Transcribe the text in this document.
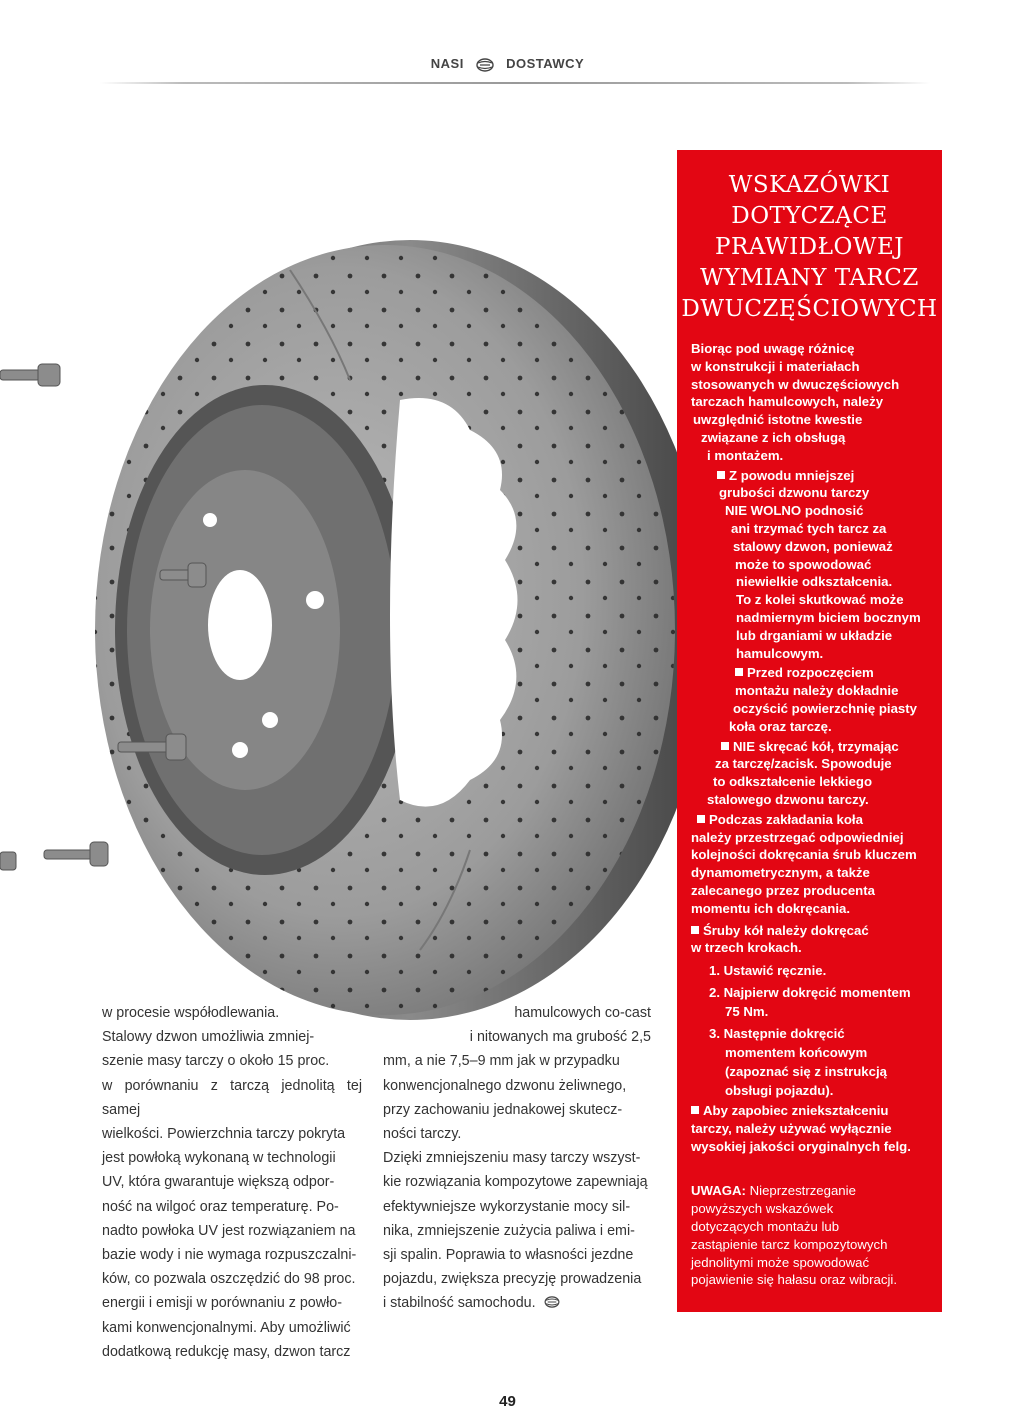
NASI	DOSTAWCY

w procesie współodlewania.

Stalowy dzwon umożliwia zmniej-

szenie masy tarczy o około 15 proc.

w porównaniu z tarczą jednolitą tej samej

wielkości. Powierzchnia tarczy pokryta

jest powłoką wykonaną w technologii

UV, która gwarantuje większą odpor-

ność na wilgoć oraz temperaturę. Po-

nadto powłoka UV jest rozwiązaniem na

bazie wody i nie wymaga rozpuszczalni-

ków, co pozwala oszczędzić do 98 proc.

energii i emisji w porównaniu z powło-

kami konwencjonalnymi. Aby umożliwić

dodatkową redukcję masy, dzwon tarcz

hamulcowych co-cast

i nitowanych ma grubość 2,5

mm, a nie 7,5–9 mm jak w przypadku

konwencjonalnego dzwonu żeliwnego,

przy zachowaniu jednakowej skutecz-

ności tarczy.

Dzięki zmniejszeniu masy tarczy wszyst-

kie rozwiązania kompozytowe zapewniają

efektywniejsze wykorzystanie mocy sil-

nika, zmniejszenie zużycia paliwa i emi-

sji spalin. Poprawia to własności jezdne

pojazdu, zwiększa precyzję prowadzenia

i stabilność samochodu.

WSKAZÓWKI
DOTYCZĄCE
PRAWIDŁOWEJ
WYMIANY TARCZ
DWUCZĘŚCIOWYCH

Biorąc pod uwagę różnicę
w konstrukcji i materiałach
stosowanych w dwuczęściowych
tarczach hamulcowych, należy
uwzględnić istotne kwestie
związane z ich obsługą
i montażem.

Z powodu mniejszej
grubości dzwonu tarczy
NIE WOLNO podnosić
ani trzymać tych tarcz za
stalowy dzwon, ponieważ
może to spowodować
niewielkie odkształcenia.
To z kolei skutkować może
nadmiernym biciem bocznym
lub drganiami w układzie
hamulcowym.

Przed rozpoczęciem
montażu należy dokładnie
oczyścić powierzchnię piasty
koła oraz tarczę.

NIE skręcać kół, trzymając
za tarczę/zacisk. Spowoduje
to odkształcenie lekkiego
stalowego dzwonu tarczy.

Podczas zakładania koła
należy przestrzegać odpowiedniej
kolejności dokręcania śrub kluczem
dynamometrycznym, a także
zalecanego przez producenta
momentu ich dokręcania.

Śruby kół należy dokręcać
w trzech krokach.

1. Ustawić ręcznie.
2. Najpierw dokręcić momentem
75 Nm.
3. Następnie dokręcić
momentem końcowym
(zapoznać się z instrukcją
obsługi pojazdu).

Aby zapobiec zniekształceniu
tarczy, należy używać wyłącznie
wysokiej jakości oryginalnych felg.

UWAGA: Nieprzestrzeganie
powyższych wskazówek
dotyczących montażu lub
zastąpienie tarcz kompozytowych
jednolitymi może spowodować
pojawienie się hałasu oraz wibracji.

49
